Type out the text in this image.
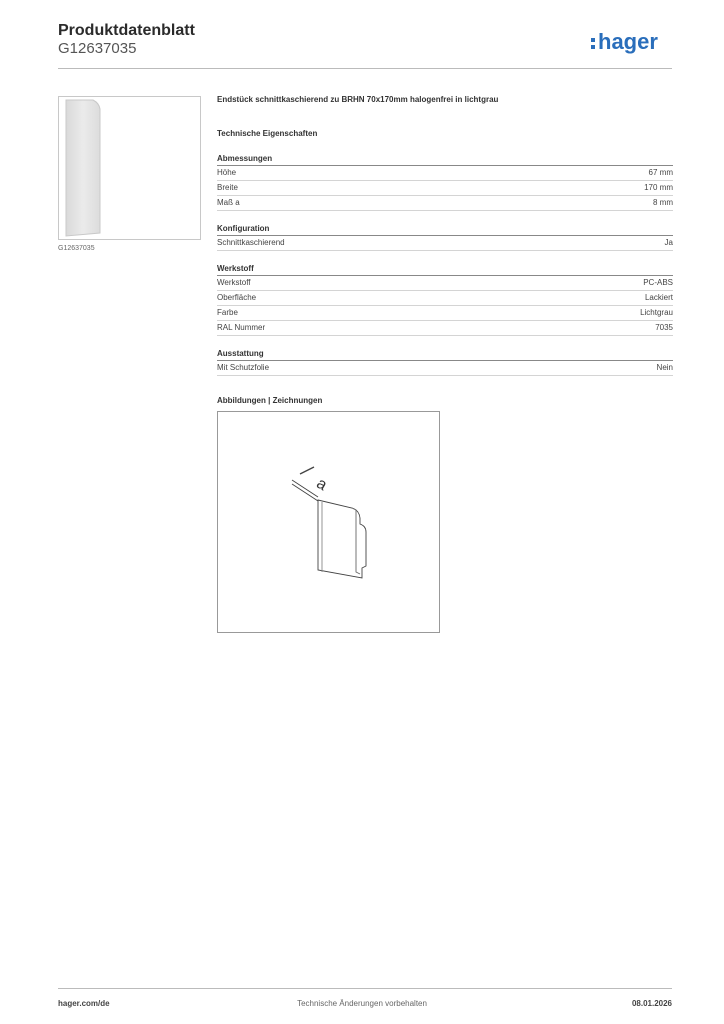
Produktdatenblatt
G12637035	hager
G12637035
Endstück schnittkaschierend zu BRHN 70x170mm halogenfrei in lichtgrau
Technische Eigenschaften
Abmessungen
Höhe	67 mm
Breite	170 mm
Maß a	8 mm
Konfiguration
Schnittkaschierend	Ja
Werkstoff
Werkstoff	PC-ABS
Oberfläche	Lackiert
Farbe	Lichtgrau
RAL Nummer	7035
Ausstattung
Mit Schutzfolie	Nein
Abbildungen | Zeichnungen
a
hager.com/de	Technische Änderungen vorbehalten	08.01.2026
